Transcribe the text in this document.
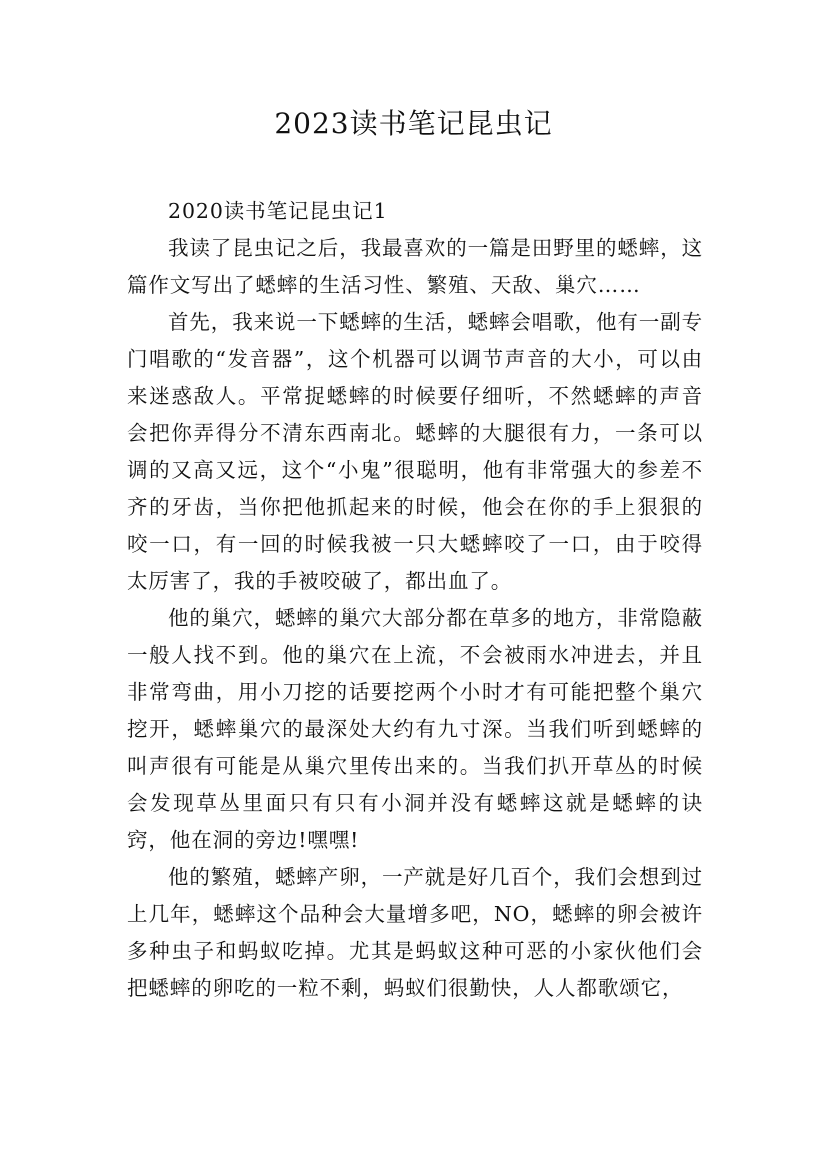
2023读书笔记昆虫记

2020读书笔记昆虫记1

我读了昆虫记之后，我最喜欢的一篇是田野里的蟋蟀，这篇作文写出了蟋蟀的生活习性、繁殖、天敌、巢穴……

首先，我来说一下蟋蟀的生活，蟋蟀会唱歌，他有一副专门唱歌的“发音器”，这个机器可以调节声音的大小，可以由来迷惑敌人。平常捉蟋蟀的时候要仔细听，不然蟋蟀的声音会把你弄得分不清东西南北。蟋蟀的大腿很有力，一条可以调的又高又远，这个“小鬼”很聪明，他有非常强大的参差不齐的牙齿，当你把他抓起来的时候，他会在你的手上狠狠的咬一口，有一回的时候我被一只大蟋蟀咬了一口，由于咬得太厉害了，我的手被咬破了，都出血了。

他的巢穴，蟋蟀的巢穴大部分都在草多的地方，非常隐蔽一般人找不到。他的巢穴在上流，不会被雨水冲进去，并且非常弯曲，用小刀挖的话要挖两个小时才有可能把整个巢穴挖开，蟋蟀巢穴的最深处大约有九寸深。当我们听到蟋蟀的叫声很有可能是从巢穴里传出来的。当我们扒开草丛的时候会发现草丛里面只有只有小洞并没有蟋蟀这就是蟋蟀的诀窍，他在洞的旁边!嘿嘿!

他的繁殖，蟋蟀产卵，一产就是好几百个，我们会想到过上几年，蟋蟀这个品种会大量增多吧，NO，蟋蟀的卵会被许多种虫子和蚂蚁吃掉。尤其是蚂蚁这种可恶的小家伙他们会把蟋蟀的卵吃的一粒不剩，蚂蚁们很勤快，人人都歌颂它，
